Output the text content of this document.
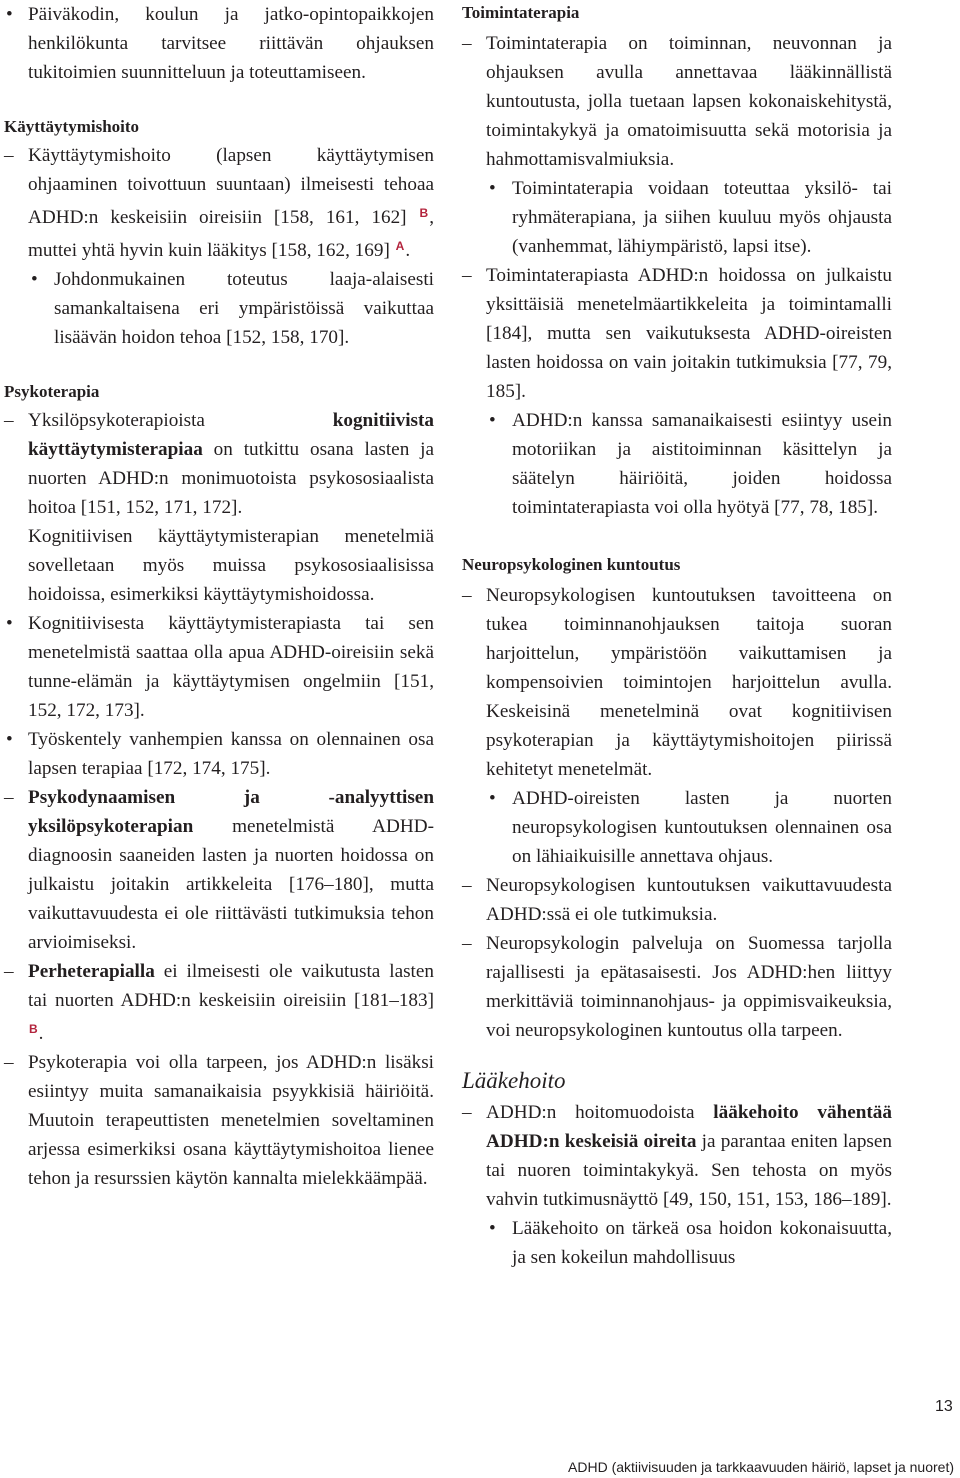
• Päiväkodin, koulun ja jatko-opintopaikkojen henkilökunta tarvitsee riittävän ohjauksen tukitoimien suunnitteluun ja toteuttamiseen.
Käyttäytymishoito
– Käyttäytymishoito (lapsen käyttäytymisen ohjaaminen toivottuun suuntaan) ilmeisesti tehoaa ADHD:n keskeisiin oireisiin [158, 161, 162] $^B$, muttei yhtä hyvin kuin lääkitys [158, 162, 169] $^A$.
• Johdonmukainen toteutus laaja-alaisesti samankaltaisena eri ympäristöissä vaikuttaa lisäävän hoidon tehoa [152, 158, 170].
Psykoterapia
– Yksilöpsykoterapioista kognitiivista käyttäytymisterapiaa on tutkittu osana lasten ja nuorten ADHD:n monimuotoista psykososiaalista hoitoa [151, 152, 171, 172].
Kognitiivisen käyttäytymisterapian menetelmiä sovelletaan myös muissa psykososiaalisissa hoidoissa, esimerkiksi käyttäytymishoidossa.
• Kognitiivisesta käyttäytymisterapiasta tai sen menetelmistä saattaa olla apua ADHD-oireisiin sekä tunne-elämän ja käyttäytymisen ongelmiin [151, 152, 172, 173].
• Työskentely vanhempien kanssa on olennainen osa lapsen terapiaa [172, 174, 175].
– Psykodynaamisen ja -analyyttisen yksilöpsykoterapian menetelmistä ADHD-diagnoosin saaneiden lasten ja nuorten hoidossa on julkaistu joitakin artikkeleita [176–180], mutta vaikuttavuudesta ei ole riittävästi tutkimuksia tehon arvioimiseksi.
– Perheterapialla ei ilmeisesti ole vaikutusta lasten tai nuorten ADHD:n keskeisiin oireisiin [181–183] $^B$.
– Psykoterapia voi olla tarpeen, jos ADHD:n lisäksi esiintyy muita samanaikaisia psyykkisiä häiriöitä. Muutoin terapeuttisten menetelmien soveltaminen arjessa esimerkiksi osana käyttäytymishoitoa lienee tehon ja resurssien käytön kannalta mielekkäämpää.
Toimintaterapia
– Toimintaterapia on toiminnan, neuvonnan ja ohjauksen avulla annettavaa lääkinnällistä kuntoutusta, jolla tuetaan lapsen kokonaiskehitystä, toimintakykyä ja omatoimisuutta sekä motorisia ja hahmottamisvalmiuksia.
• Toimintaterapia voidaan toteuttaa yksilö- tai ryhmäterapiana, ja siihen kuuluu myös ohjausta (vanhemmat, lähiympäristö, lapsi itse).
– Toimintaterapiasta ADHD:n hoidossa on julkaistu yksittäisiä menetelmäartikkeleita ja toimintamalli [184], mutta sen vaikutuksesta ADHD-oireisten lasten hoidossa on vain joitakin tutkimuksia [77, 79, 185].
• ADHD:n kanssa samanaikaisesti esiintyy usein motoriikan ja aistitoiminnan käsittelyn ja säätelyn häiriöitä, joiden hoidossa toimintaterapiasta voi olla hyötyä [77, 78, 185].
Neuropsykologinen kuntoutus
– Neuropsykologisen kuntoutuksen tavoitteena on tukea toiminnanohjauksen taitoja suoran harjoittelun, ympäristöön vaikuttamisen ja kompensoivien toimintojen harjoittelun avulla. Keskeisinä menetelminä ovat kognitiivisen psykoterapian ja käyttäytymishoitojen piirissä kehitetyt menetelmät.
• ADHD-oireisten lasten ja nuorten neuropsykologisen kuntoutuksen olennainen osa on lähiaikuisille annettava ohjaus.
– Neuropsykologisen kuntoutuksen vaikuttavuudesta ADHD:ssä ei ole tutkimuksia.
– Neuropsykologin palveluja on Suomessa tarjolla rajallisesti ja epätasaisesti. Jos ADHD:hen liittyy merkittäviä toiminnanohjaus- ja oppimisvaikeuksia, voi neuropsykologinen kuntoutus olla tarpeen.
Lääkehoito
– ADHD:n hoitomuodoista lääkehoito vähentää ADHD:n keskeisiä oireita ja parantaa eniten lapsen tai nuoren toimintakykyä. Sen tehosta on myös vahvin tutkimusnäyttö [49, 150, 151, 153, 186–189].
• Lääkehoito on tärkeä osa hoidon kokonaisuutta, ja sen kokeilun mahdollisuus
13
ADHD (aktiivisuuden ja tarkkaavuuden häiriö, lapset ja nuoret)
